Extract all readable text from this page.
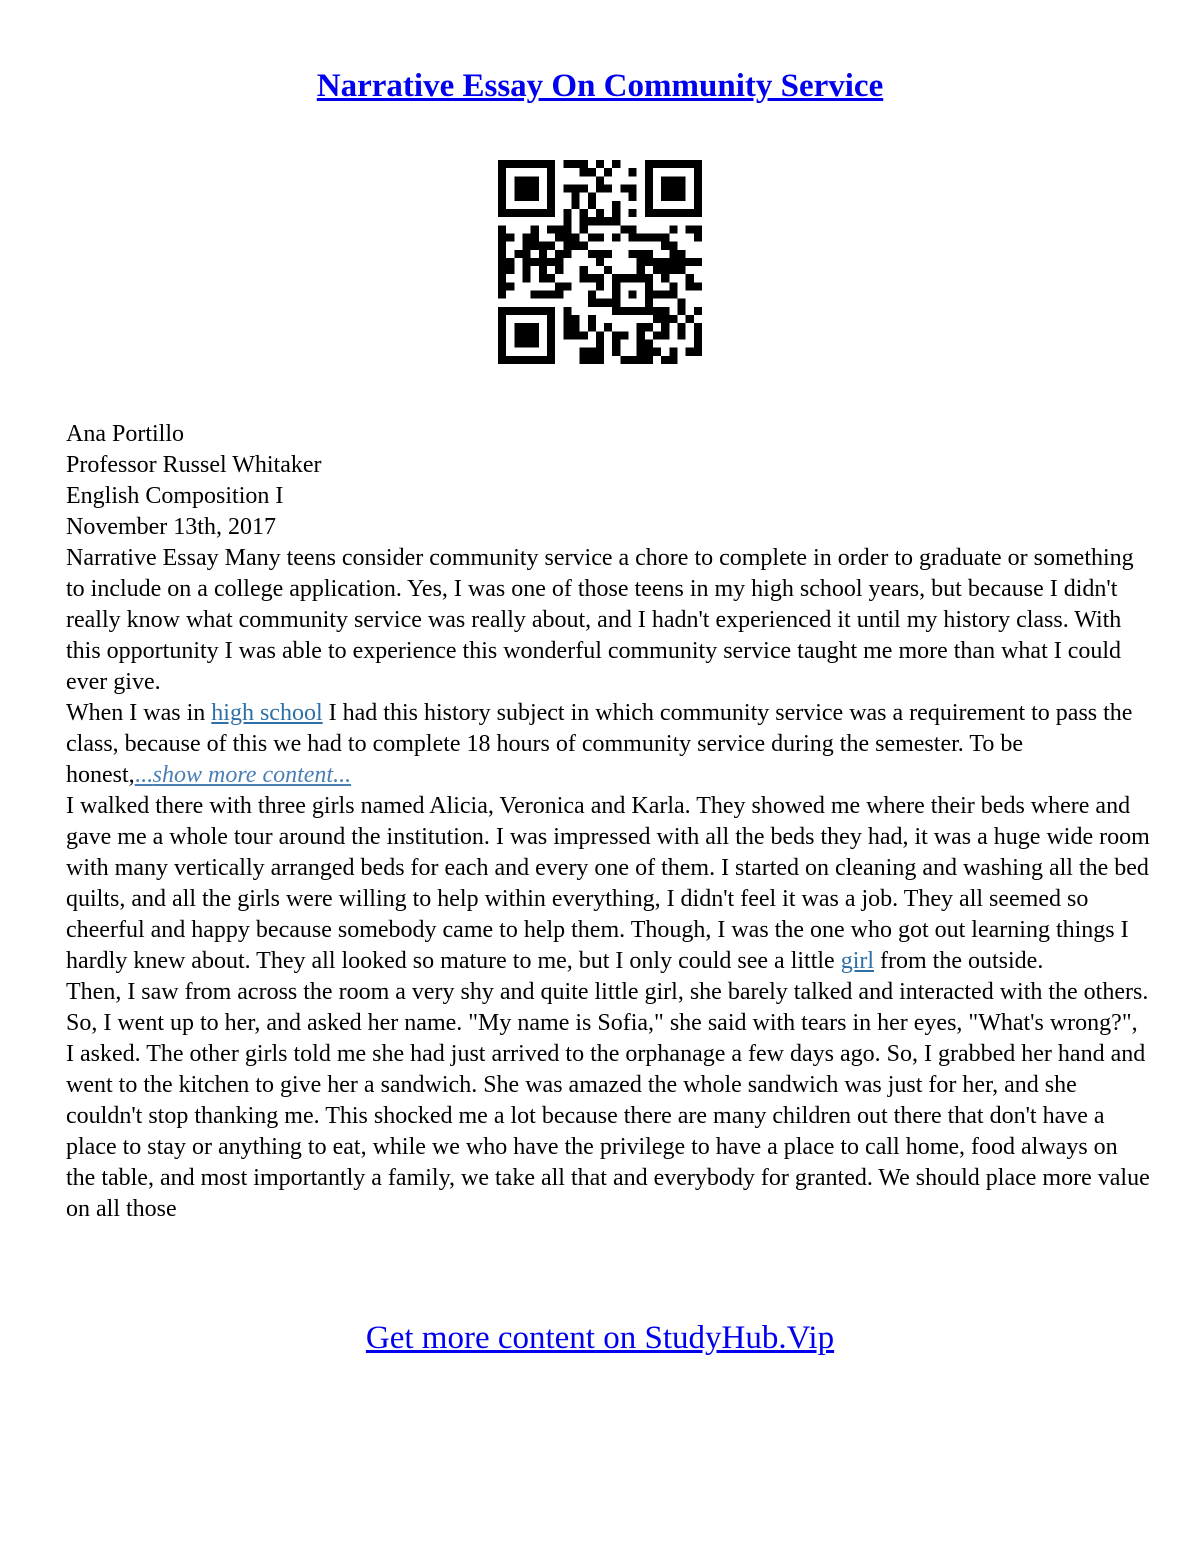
Narrative Essay On Community Service

Ana Portillo

Professor Russel Whitaker

English Composition I

November 13th, 2017

Narrative Essay Many teens consider community service a chore to complete in order to graduate or something to include on a college application. Yes, I was one of those teens in my high school years, but because I didn't really know what community service was really about, and I hadn't experienced it until my history class. With this opportunity I was able to experience this wonderful community service taught me more than what I could ever give.

When I was in high school I had this history subject in which community service was a requirement to pass the class, because of this we had to complete 18 hours of community service during the semester. To be honest,...show more content...

I walked there with three girls named Alicia, Veronica and Karla. They showed me where their beds where and gave me a whole tour around the institution. I was impressed with all the beds they had, it was a huge wide room with many vertically arranged beds for each and every one of them. I started on cleaning and washing all the bed quilts, and all the girls were willing to help within everything, I didn't feel it was a job. They all seemed so cheerful and happy because somebody came to help them. Though, I was the one who got out learning things I hardly knew about. They all looked so mature to me, but I only could see a little girl from the outside.

Then, I saw from across the room a very shy and quite little girl, she barely talked and interacted with the others. So, I went up to her, and asked her name. "My name is Sofia," she said with tears in her eyes, "What's wrong?", I asked. The other girls told me she had just arrived to the orphanage a few days ago. So, I grabbed her hand and went to the kitchen to give her a sandwich. She was amazed the whole sandwich was just for her, and she couldn't stop thanking me. This shocked me a lot because there are many children out there that don't have a place to stay or anything to eat, while we who have the privilege to have a place to call home, food always on the table, and most importantly a family, we take all that and everybody for granted. We should place more value on all those

Get more content on StudyHub.Vip
